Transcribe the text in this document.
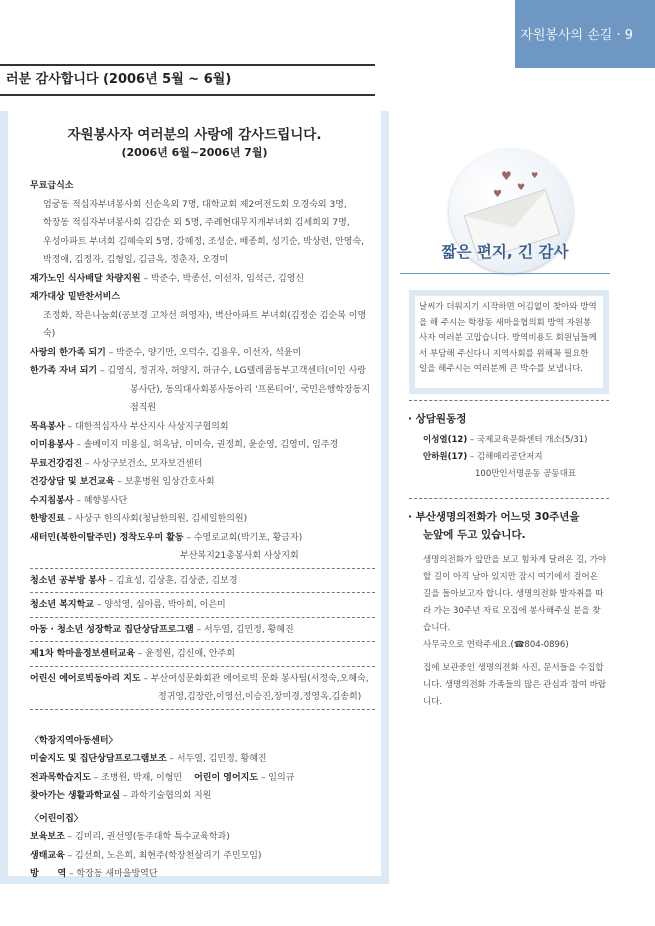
자원봉사의 손길 · 9
러분 감사합니다 (2006년 5월 ~ 6월)
자원봉사자 여러분의 사랑에 감사드립니다.
(2006년 6월~2006년 7월)
무료급식소
엄궁동 적십자부녀봉사회 신순옥외 7명, 대학교회 제2여전도회 오경숙외 3명,
학장동 적십자부녀봉사회 김감순 외 5명, 주례현대무지개부녀회 김세희외 7명,
우성아파트 부녀회 김혜숙외 5명, 강혜정, 조성순, 배종희, 성기순, 박상련, 안영숙,
박정애, 김정자, 김형일, 김금옥, 정춘자, 오경미
재가노인 식사배달 차량지원 – 박준수, 박종선, 이선자, 임석근, 김영신
재가대상 밑반찬서비스
조정화, 작은나눔회(공보경 고차선 허영자), 벽산아파트 부녀회(김정순 김순복 이명숙)
사랑의 한가족 되기 – 박준수, 양기만, 오덕수, 김용우, 이선자, 석윤미
한가족 자녀 되기 – 김영식, 정귀자, 허양지, 허규수, LG텔레콤동부고객센터(이인 사랑
봉사단), 동의대사회봉사동아리 '프론티어', 국민은행학장동지점직원
목욕봉사 – 대한적십자사 부산지사 사상지구협의회
이미용봉사 – 솔베이지 미용실, 허옥남, 이미숙, 권정희, 윤순영, 김영미, 임주경
무료건강검진 – 사상구보건소, 모자보건센터
건강상담 및 보건교육 – 보훈병원 임상간호사회
수지침봉사 – 혜향봉사단
한방진료 – 사상구 한의사회(청남한의원, 김세일한의원)
새터민(북한이탈주민) 정착도우미 활동 – 수영로교회(박기포, 황금자)
부산복지21총봉사회 사상지회
청소년 공부방 봉사 – 김효성, 김상훈, 김상준, 김보경
청소년 복지학교 – 양석영, 심아름, 박아희, 이은미
아동 · 청소년 성장학교 집단상담프로그램 – 서두열, 김민정, 황혜진
제1차 학마을정보센터교육 – 윤정원, 김신애, 안주희
어린신 에어로빅동아리 지도 – 부산여성문화회관 에어로빅 문화 봉사팀(서정숙,오혜숙,
정귀영,김장란,이영선,이승진,장미경,정영옥,김송희)
〈학장지역아동센터〉
미술지도 및 집단상담프로그램보조 – 서두열, 김민정, 황혜진
전과목학습지도 – 조병원, 박재, 이형민 어린이 영어지도 – 임의규
찾아가는 생활과학교실 – 과학기술협의회 지원
〈어린이집〉
보육보조 – 김미리, 권선영(동주대학 특수교육학과)
생태교육 – 김선희, 노은희, 최현주(학장천살리기 주민모임)
방      역 – 학장동 새마을방역단
♥
♥
♥
♥
짧은 편지, 긴 감사
날씨가 더워지기 시작하면 어김없이 찾아와 방역을 해 주시는 학장동 새마을협의회 방역 자원봉사자 여러분 고맙습니다. 방역비용도 회원님들께서 부담해 주신다니 지역사회를 위해꼭 필요한 일을 해주시는 여러분께 큰 박수를 보냅니다.
· 상담원동정
이성열(12) – 국제교육문화센터 개소(5/31)
안하원(17) – 김해매리공단저지
100만인서명운동 공동대표
· 부산생명의전화가 어느덧 30주년을
눈앞에 두고 있습니다.
생명의전화가 앞만을 보고 힘차게 달려온 길, 가야할 길이 아직 남아 있지만 잠시 여기에서 걸어온 길을 돌아보고자 합니다. 생명의전화 발자취를 따라 가는 30주년 자료 모집에 봉사해주실 분을 찾습니다.
사무국으로 연락주세요.(☎804-0896)
집에 보관중인 생명의전화 사진, 문서들을 수집합니다. 생명의전화 가족들의 많은 관심과 참여 바랍니다.
